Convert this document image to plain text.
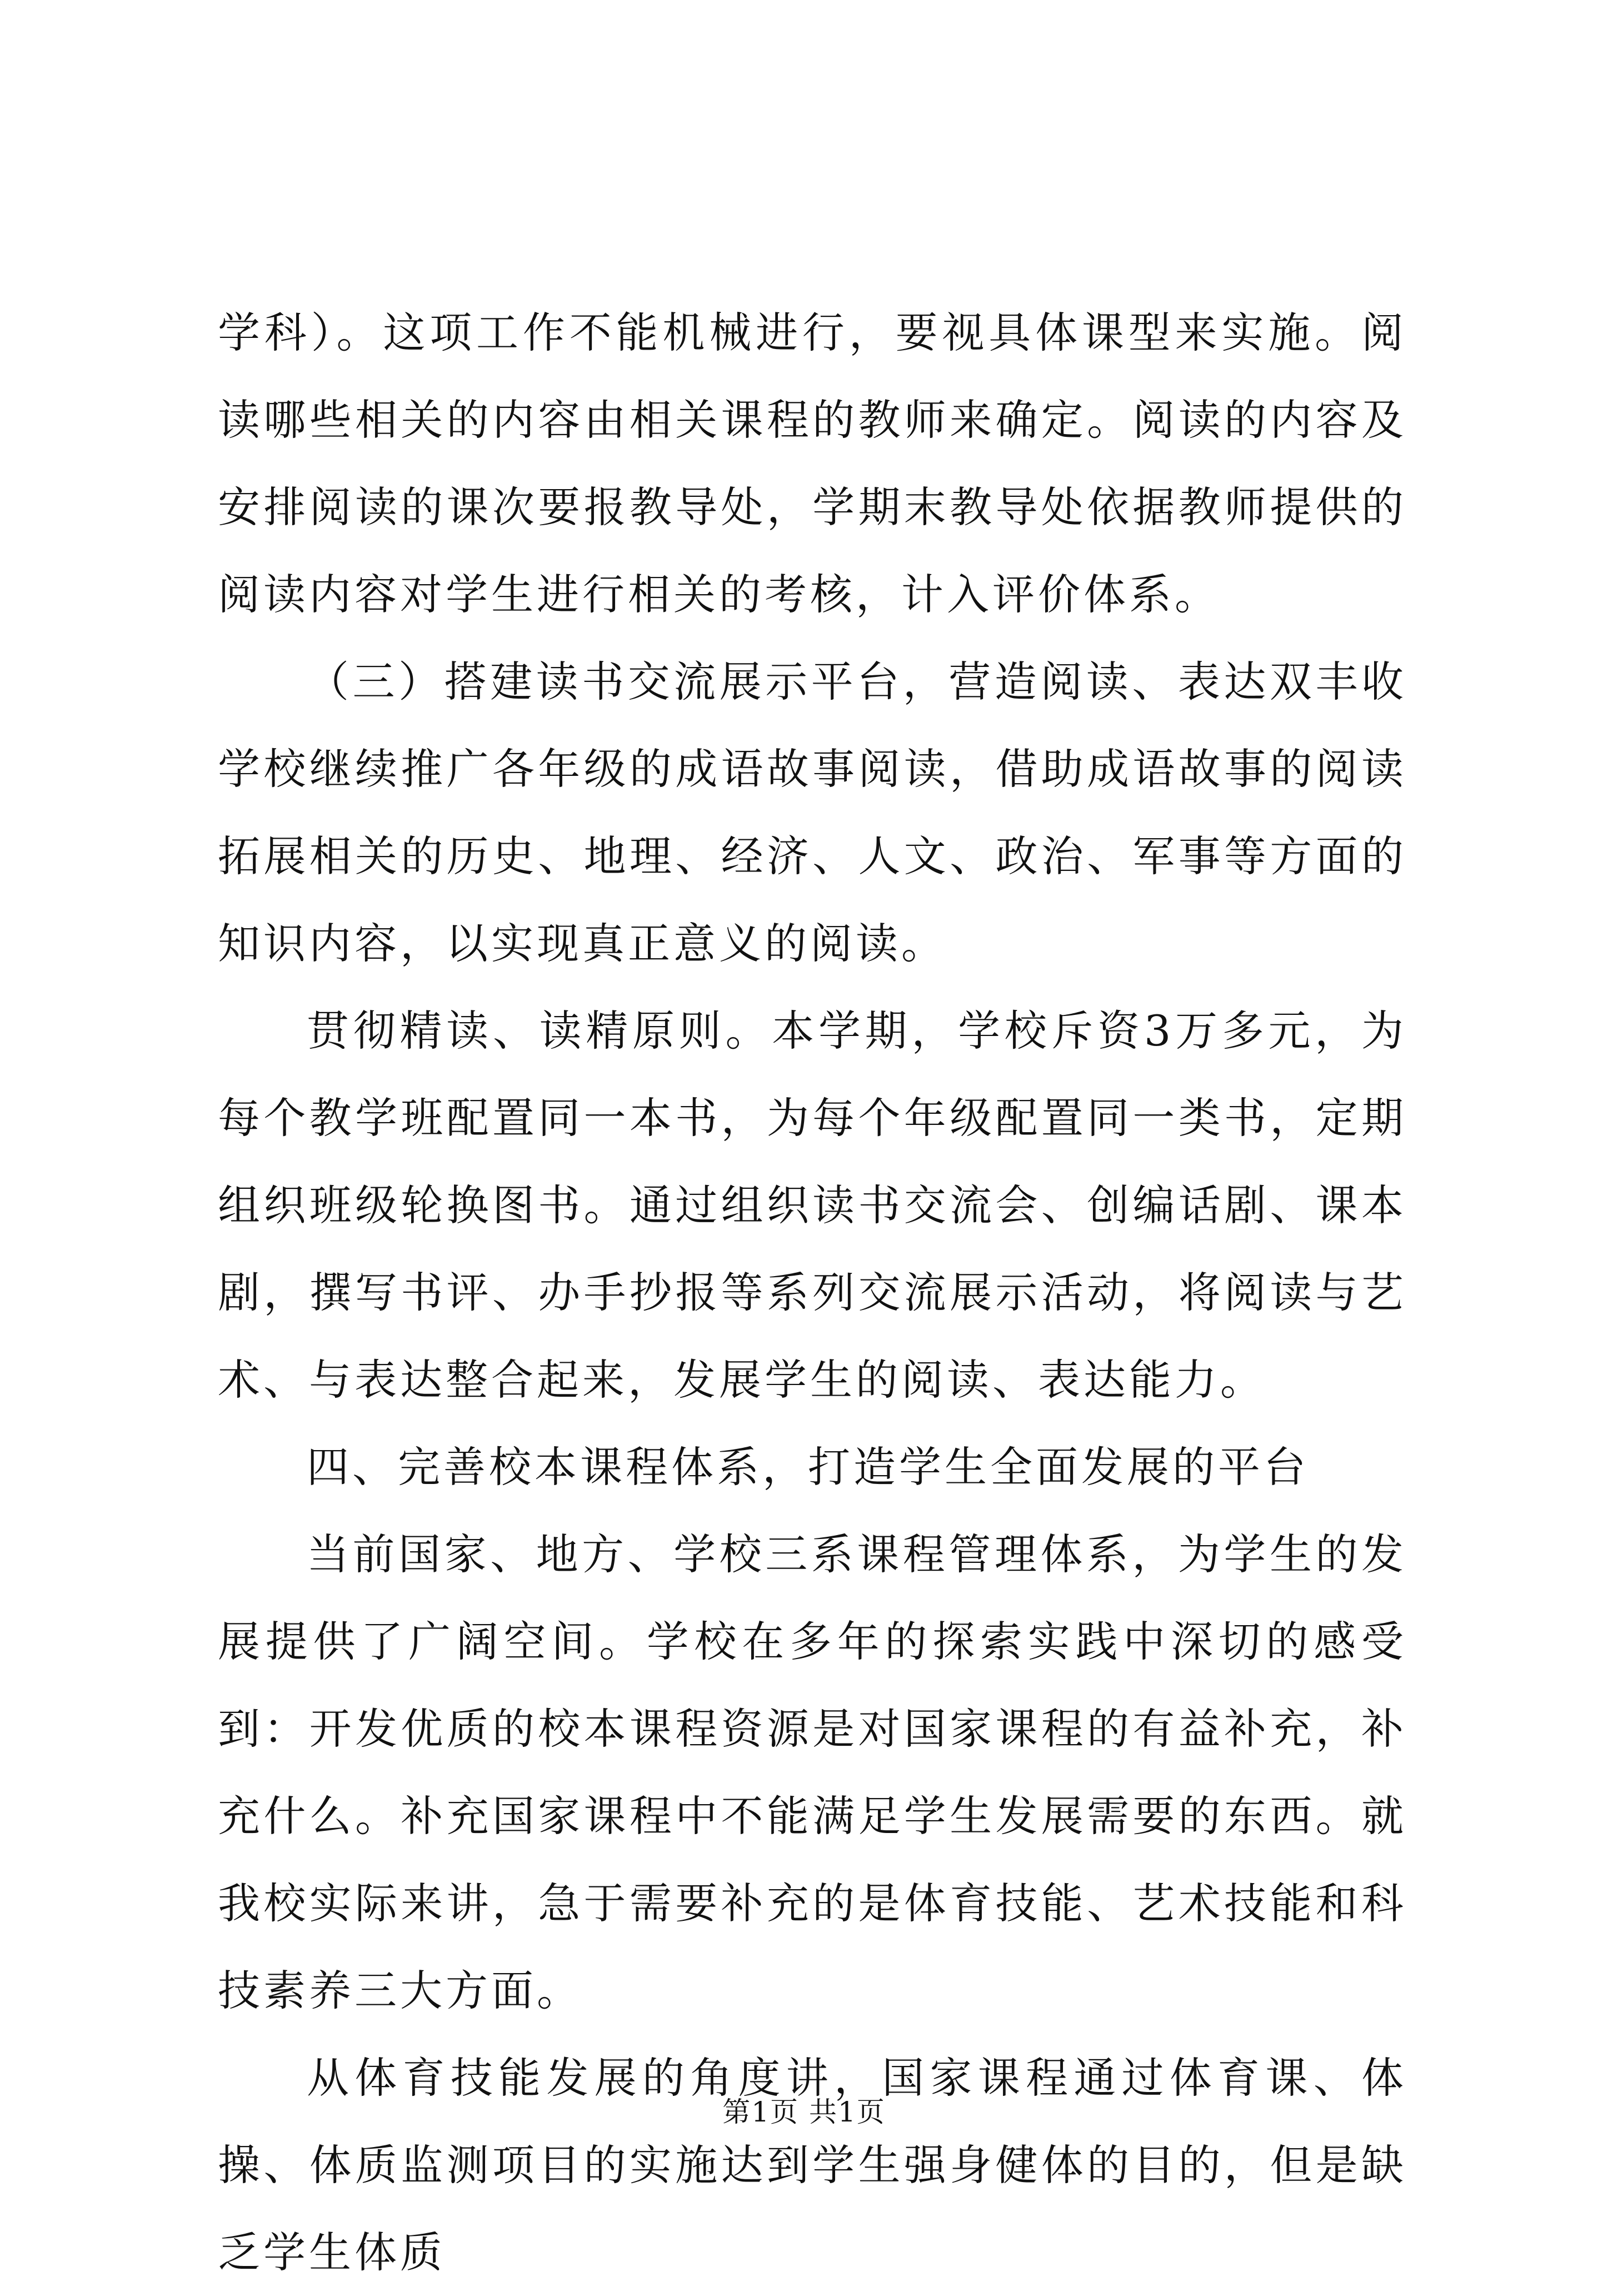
学科）。这项工作不能机械进行，要视具体课型来实施。阅读哪些相关的内容由相关课程的教师来确定。阅读的内容及安排阅读的课次要报教导处，学期末教导处依据教师提供的阅读内容对学生进行相关的考核，计入评价体系。

（三）搭建读书交流展示平台，营造阅读、表达双丰收学校继续推广各年级的成语故事阅读，借助成语故事的阅读拓展相关的历史、地理、经济、人文、政治、军事等方面的知识内容，以实现真正意义的阅读。

贯彻精读、读精原则。本学期，学校斥资3万多元，为每个教学班配置同一本书，为每个年级配置同一类书，定期组织班级轮换图书。通过组织读书交流会、创编话剧、课本剧，撰写书评、办手抄报等系列交流展示活动，将阅读与艺术、与表达整合起来，发展学生的阅读、表达能力。

四、完善校本课程体系，打造学生全面发展的平台

当前国家、地方、学校三系课程管理体系，为学生的发展提供了广阔空间。学校在多年的探索实践中深切的感受到：开发优质的校本课程资源是对国家课程的有益补充，补充什么。补充国家课程中不能满足学生发展需要的东西。就我校实际来讲，急于需要补充的是体育技能、艺术技能和科技素养三大方面。

从体育技能发展的角度讲，国家课程通过体育课、体操、体质监测项目的实施达到学生强身健体的目的，但是缺乏学生体质

第1页 共1页
